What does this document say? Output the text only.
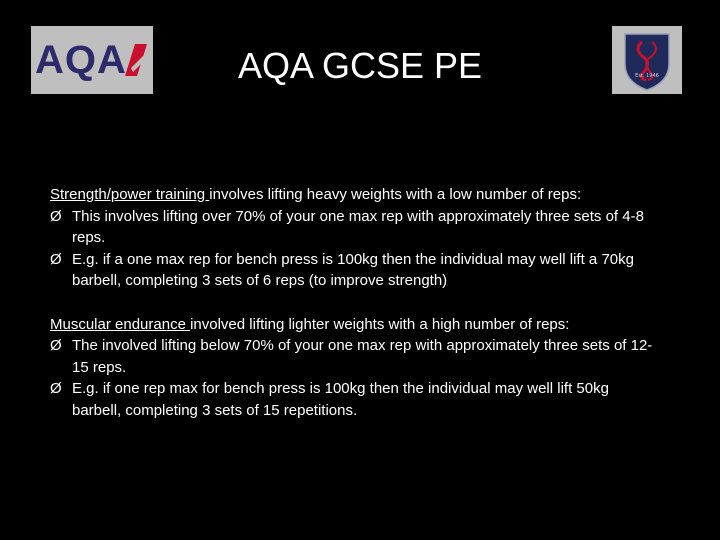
AQA	AQA GCSE PE	Est. 1946

Strength/power training involves lifting heavy weights with a low number of reps:

Ø This involves lifting over 70% of your one max rep with approximately three sets of 4-8 reps.

Ø E.g. if a one max rep for bench press is 100kg then the individual may well lift a 70kg barbell, completing 3 sets of 6 reps (to improve strength)

Muscular endurance involved lifting lighter weights with a high number of reps:

Ø The involved lifting below 70% of your one max rep with approximately three sets of 12-15 reps.

Ø E.g. if one rep max for bench press is 100kg then the individual may well lift 50kg barbell, completing 3 sets of 15 repetitions.
